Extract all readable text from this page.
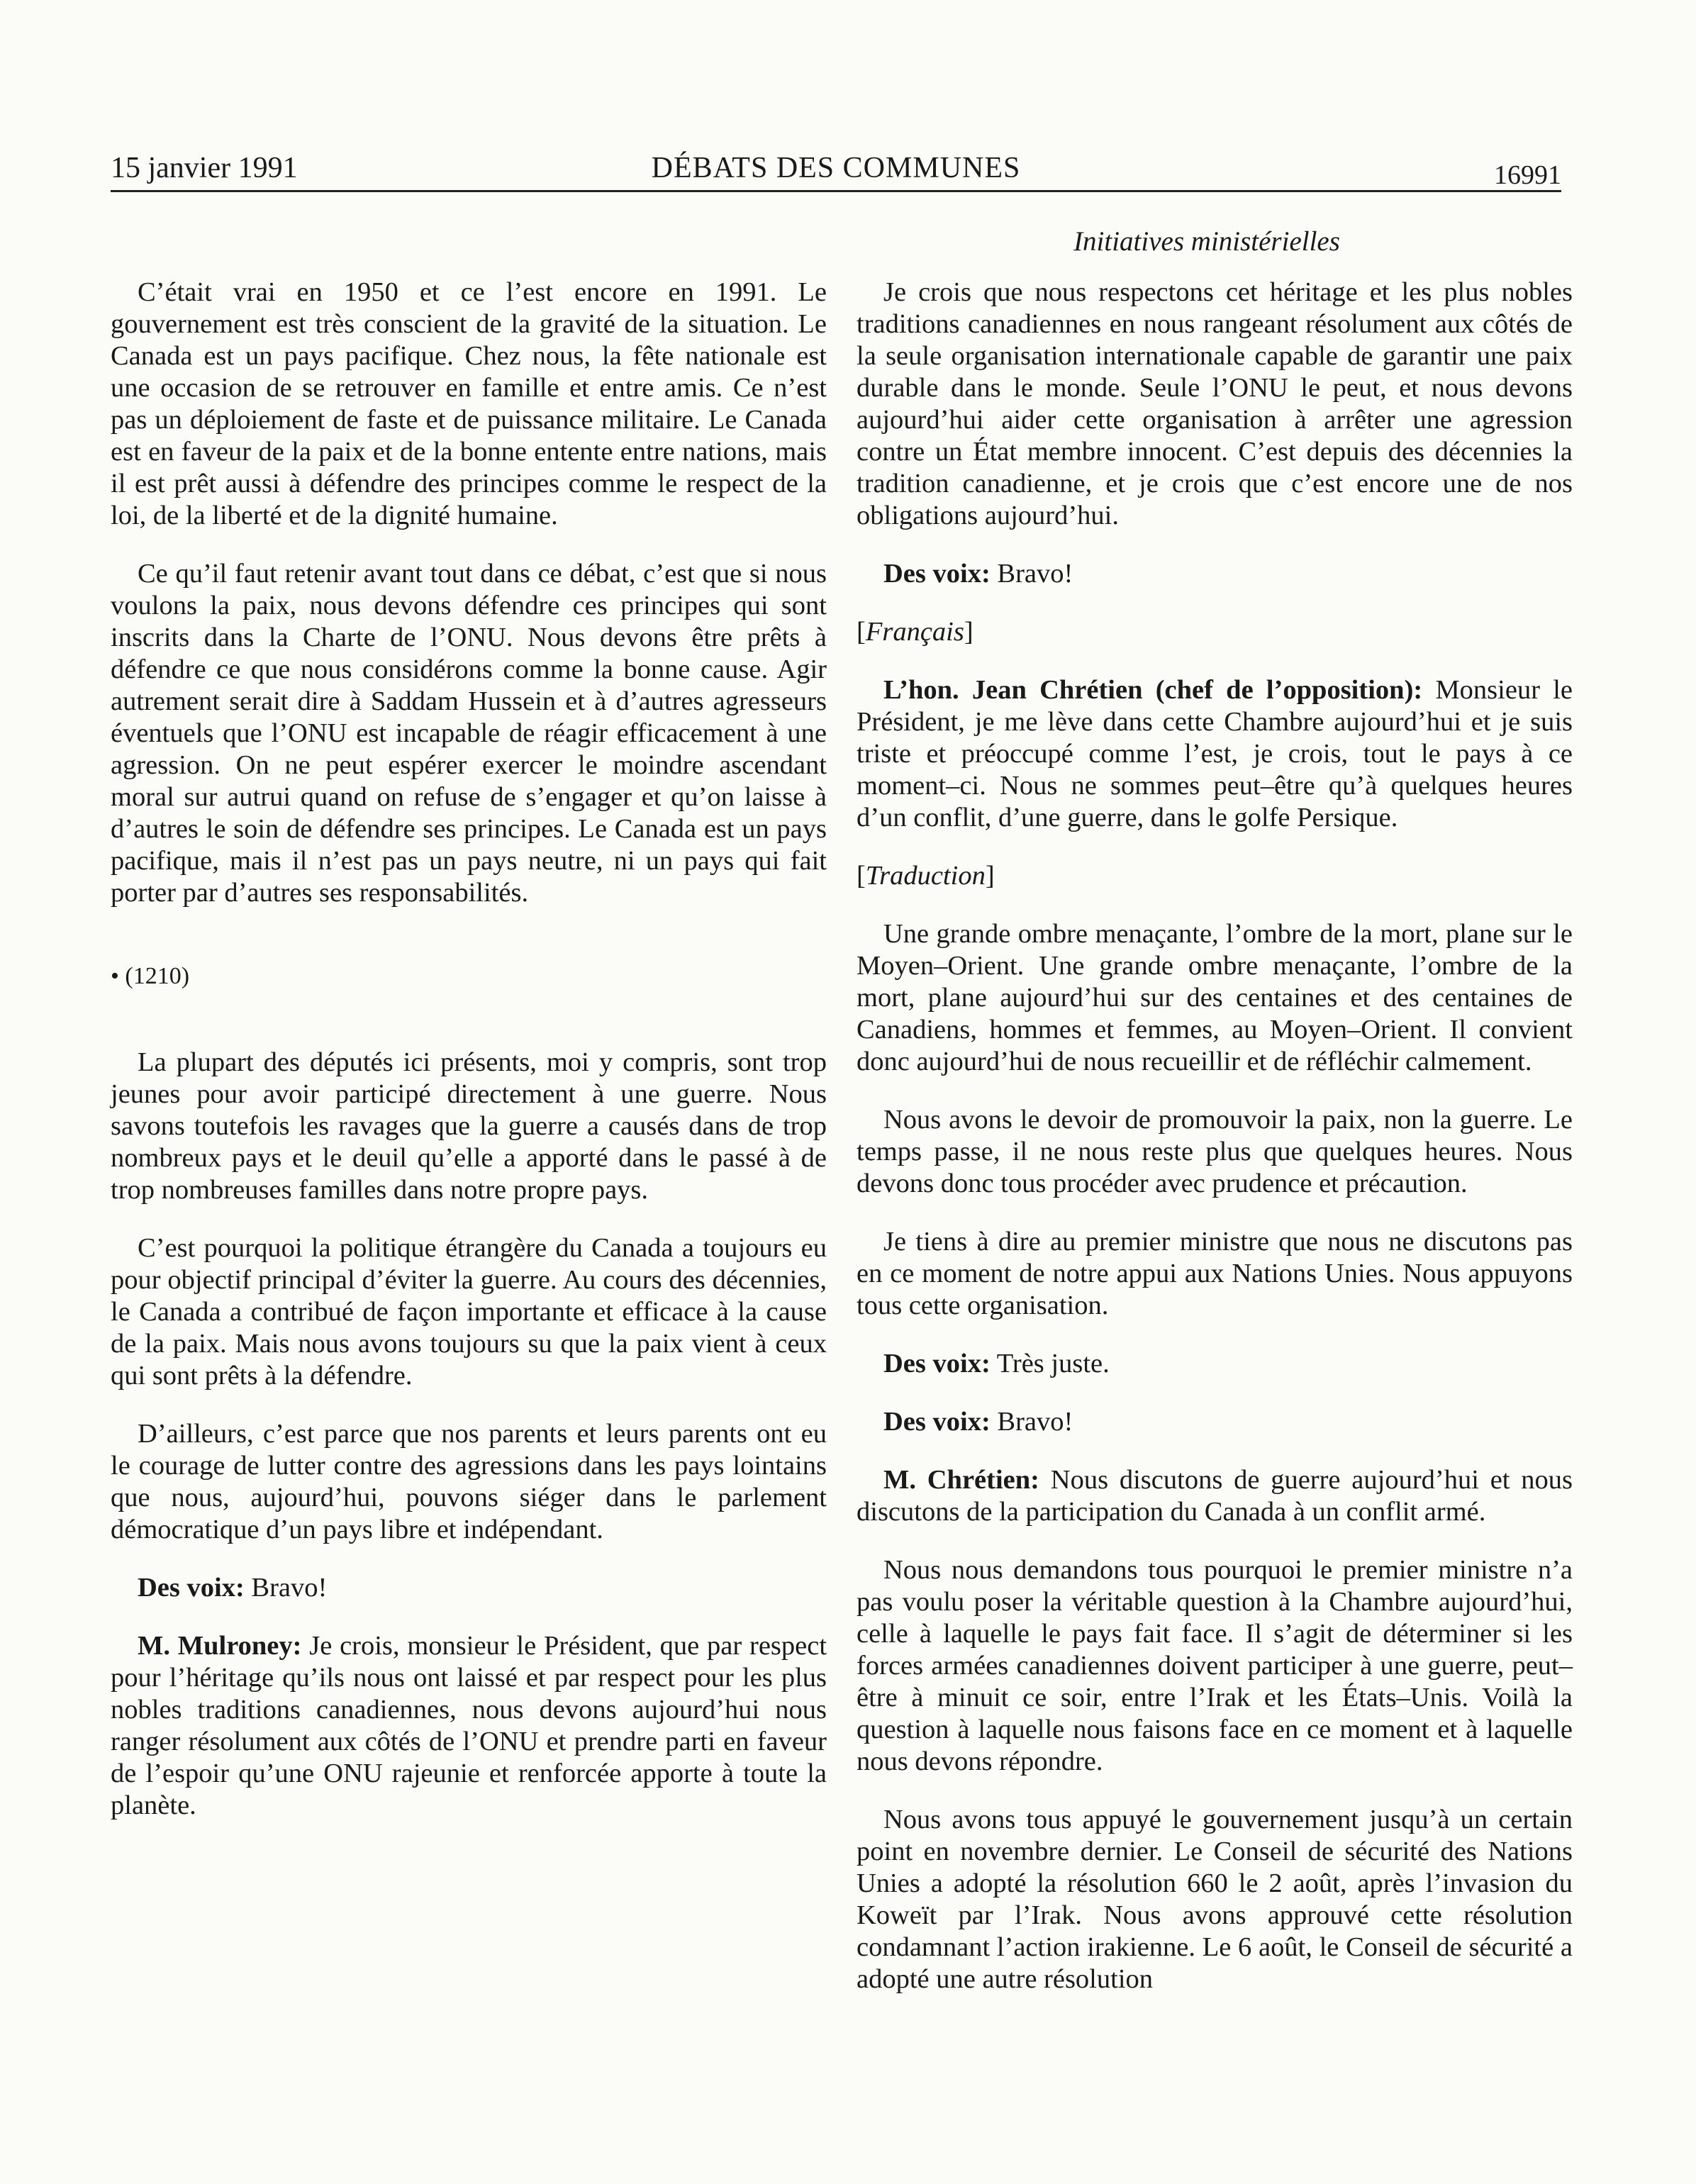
15 janvier 1991	DÉBATS DES COMMUNES	16991
Initiatives ministérielles

C’était vrai en 1950 et ce l’est encore en 1991. Le gouvernement est très conscient de la gravité de la situation. Le Canada est un pays pacifique. Chez nous, la fête nationale est une occasion de se retrouver en famille et entre amis. Ce n’est pas un déploiement de faste et de puissance militaire. Le Canada est en faveur de la paix et de la bonne entente entre nations, mais il est prêt aussi à défendre des principes comme le respect de la loi, de la liberté et de la dignité humaine.

Ce qu’il faut retenir avant tout dans ce débat, c’est que si nous voulons la paix, nous devons défendre ces principes qui sont inscrits dans la Charte de l’ONU. Nous devons être prêts à défendre ce que nous considérons comme la bonne cause. Agir autrement serait dire à Saddam Hussein et à d’autres agresseurs éventuels que l’ONU est incapable de réagir efficacement à une agression. On ne peut espérer exercer le moindre ascendant moral sur autrui quand on refuse de s’engager et qu’on laisse à d’autres le soin de défendre ses principes. Le Canada est un pays pacifique, mais il n’est pas un pays neutre, ni un pays qui fait porter par d’autres ses responsabilités.

• (1210)

La plupart des députés ici présents, moi y compris, sont trop jeunes pour avoir participé directement à une guerre. Nous savons toutefois les ravages que la guerre a causés dans de trop nombreux pays et le deuil qu’elle a apporté dans le passé à de trop nombreuses familles dans notre propre pays.

C’est pourquoi la politique étrangère du Canada a toujours eu pour objectif principal d’éviter la guerre. Au cours des décennies, le Canada a contribué de façon importante et efficace à la cause de la paix. Mais nous avons toujours su que la paix vient à ceux qui sont prêts à la défendre.

D’ailleurs, c’est parce que nos parents et leurs parents ont eu le courage de lutter contre des agressions dans les pays lointains que nous, aujourd’hui, pouvons siéger dans le parlement démocratique d’un pays libre et indépendant.

Des voix: Bravo!

M. Mulroney: Je crois, monsieur le Président, que par respect pour l’héritage qu’ils nous ont laissé et par respect pour les plus nobles traditions canadiennes, nous devons aujourd’hui nous ranger résolument aux côtés de l’ONU et prendre parti en faveur de l’espoir qu’une ONU rajeunie et renforcée apporte à toute la planète.

Je crois que nous respectons cet héritage et les plus nobles traditions canadiennes en nous rangeant résolument aux côtés de la seule organisation internationale capable de garantir une paix durable dans le monde. Seule l’ONU le peut, et nous devons aujourd’hui aider cette organisation à arrêter une agression contre un État membre innocent. C’est depuis des décennies la tradition canadienne, et je crois que c’est encore une de nos obligations aujourd’hui.

Des voix: Bravo!

[Français]

L’hon. Jean Chrétien (chef de l’opposition): Monsieur le Président, je me lève dans cette Chambre aujourd’hui et je suis triste et préoccupé comme l’est, je crois, tout le pays à ce moment–ci. Nous ne sommes peut–être qu’à quelques heures d’un conflit, d’une guerre, dans le golfe Persique.

[Traduction]

Une grande ombre menaçante, l’ombre de la mort, plane sur le Moyen–Orient. Une grande ombre menaçante, l’ombre de la mort, plane aujourd’hui sur des centaines et des centaines de Canadiens, hommes et femmes, au Moyen–Orient. Il convient donc aujourd’hui de nous recueillir et de réfléchir calmement.

Nous avons le devoir de promouvoir la paix, non la guerre. Le temps passe, il ne nous reste plus que quelques heures. Nous devons donc tous procéder avec prudence et précaution.

Je tiens à dire au premier ministre que nous ne discutons pas en ce moment de notre appui aux Nations Unies. Nous appuyons tous cette organisation.

Des voix: Très juste.

Des voix: Bravo!

M. Chrétien: Nous discutons de guerre aujourd’hui et nous discutons de la participation du Canada à un conflit armé.

Nous nous demandons tous pourquoi le premier ministre n’a pas voulu poser la véritable question à la Chambre aujourd’hui, celle à laquelle le pays fait face. Il s’agit de déterminer si les forces armées canadiennes doivent participer à une guerre, peut–être à minuit ce soir, entre l’Irak et les États–Unis. Voilà la question à laquelle nous faisons face en ce moment et à laquelle nous devons répondre.

Nous avons tous appuyé le gouvernement jusqu’à un certain point en novembre dernier. Le Conseil de sécurité des Nations Unies a adopté la résolution 660 le 2 août, après l’invasion du Koweït par l’Irak. Nous avons approuvé cette résolution condamnant l’action irakienne. Le 6 août, le Conseil de sécurité a adopté une autre résolution
